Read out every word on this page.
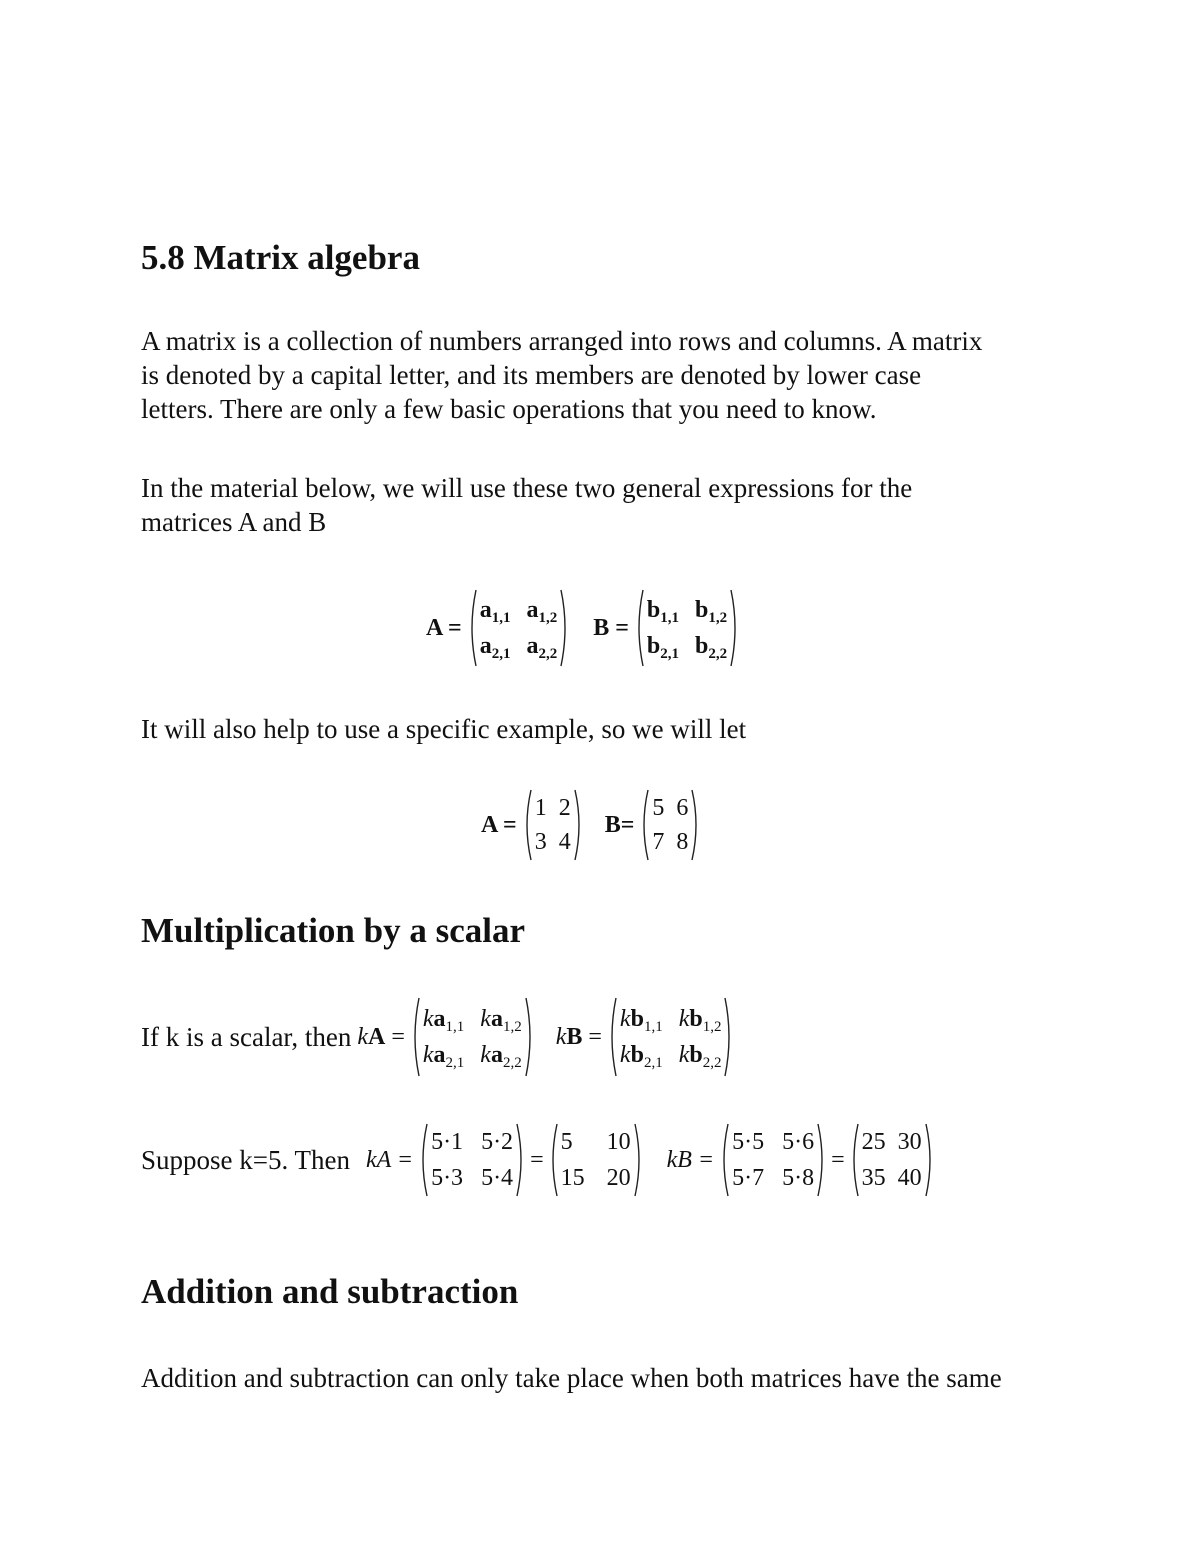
5.8 Matrix algebra
A matrix is a collection of numbers arranged into rows and columns. A matrix
is denoted by a capital letter, and its members are denoted by lower case
letters. There are only a few basic operations that you need to know.
In the material below, we will use these two general expressions for the
matrices A and B
A =
$a_{1,1}$ $a_{1,2}$
$a_{2,1}$ $a_{2,2}$
B =
$b_{1,1}$ $b_{1,2}$
$b_{2,1}$ $b_{2,2}$
It will also help to use a specific example, so we will let
A =
1 2
3 4
B=
5 6
7 8
Multiplication by a scalar
If k is a scalar, then kA =
$ka_{1,1}$ $ka_{1,2}$
$ka_{2,1}$ $ka_{2,2}$
kB =
$kb_{1,1}$ $kb_{1,2}$
$kb_{2,1}$ $kb_{2,2}$
Suppose k=5. Then kA =
5·1 5·2
5·3 5·4
=
5	10
15 20
kB =
5·5 5·6
5·7 5·8
=
25 30
35 40
Addition and subtraction
Addition and subtraction can only take place when both matrices have the same
